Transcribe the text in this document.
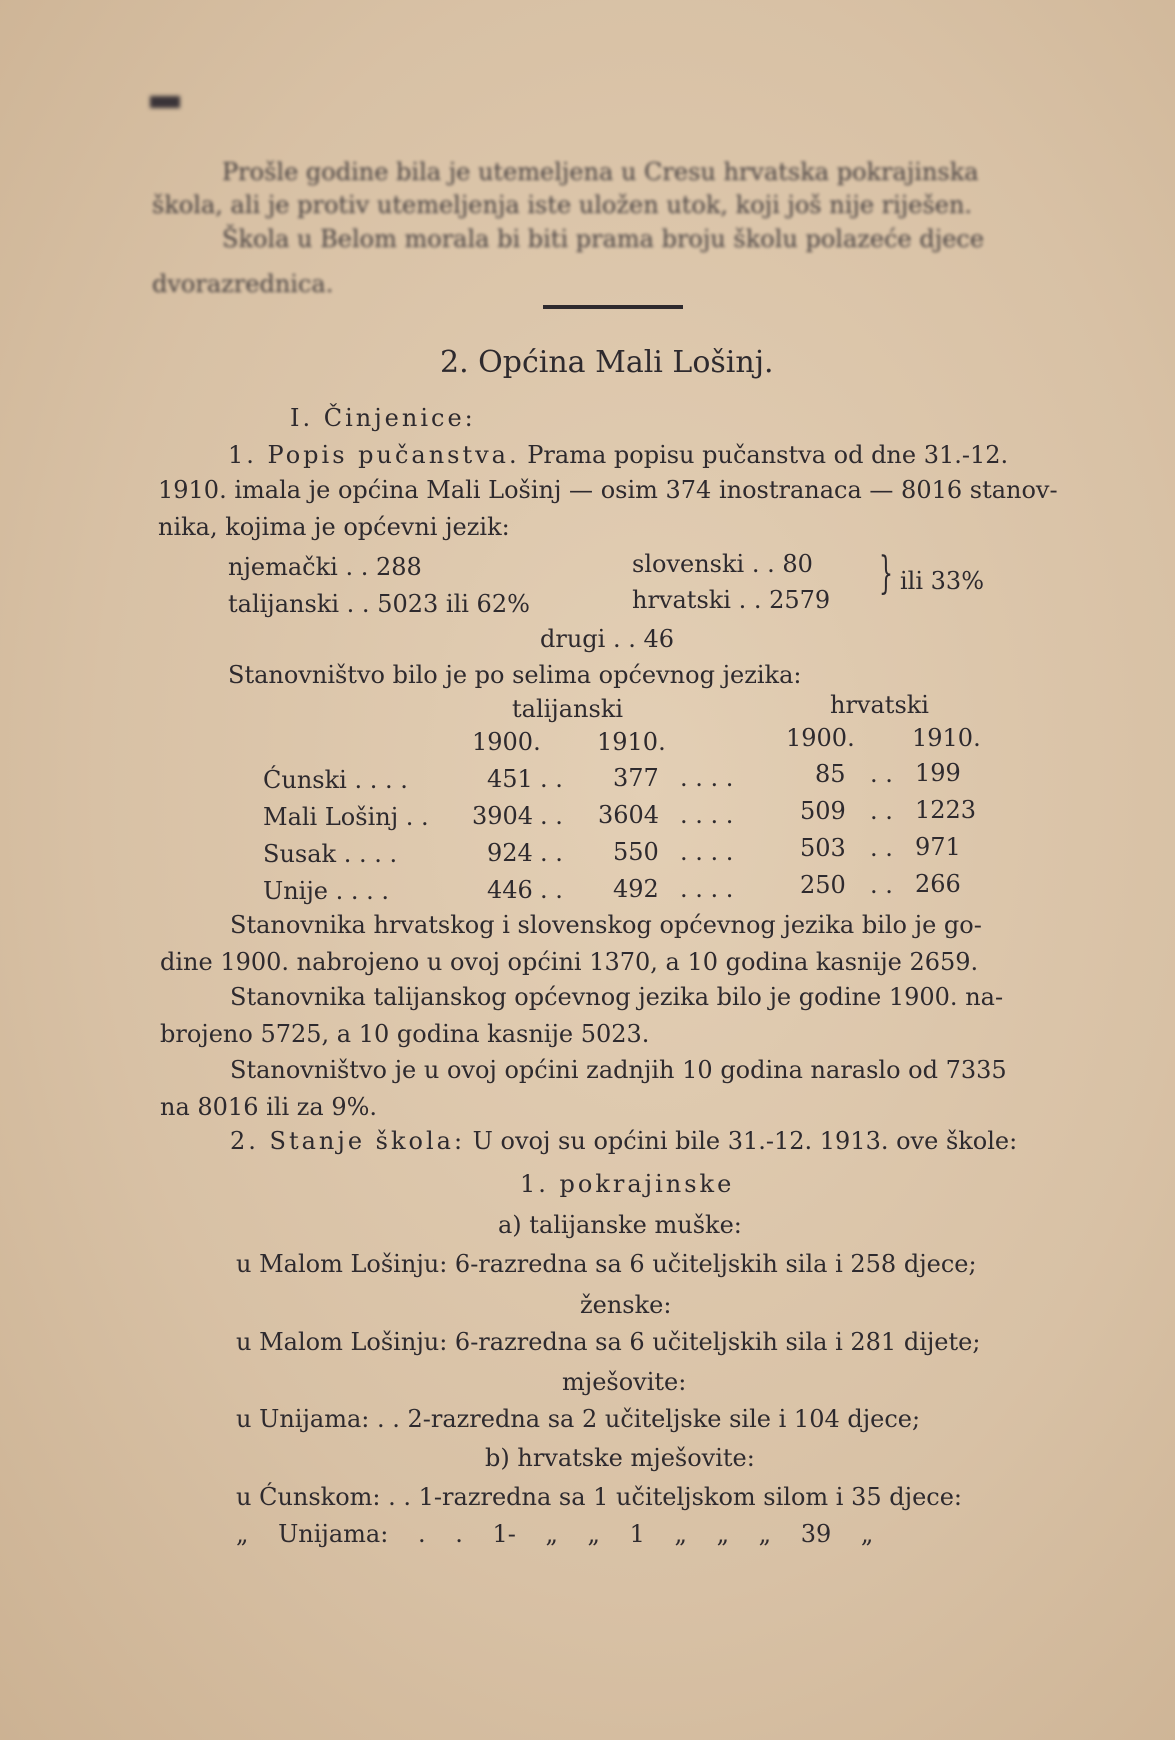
Prošle godine bila je utemeljena u Cresu hrvatska pokrajinska
škola, ali je protiv utemeljenja iste uložen utok, koji još nije riješen.
Škola u Belom morala bi biti prama broju školu polazeće djece
dvorazrednica.
2. Općina Mali Lošinj.
I. Činjenice:
1. Popis pučanstva. Prama popisu pučanstva od dne 31.-12.
1910. imala je općina Mali Lošinj — osim 374 inostranaca — 8016 stanov-
nika, kojima je općevni jezik:
njemački . . 288
talijanski . . 5023 ili 62%
slovenski . . 80
hrvatski . . 2579
} ili 33%
drugi . . 46
Stanovništvo bilo je po selima općevnog jezika:
talijanski	hrvatski
1900. 1910.	1900. 1910.
Ćunski . . . .	451 . . 377 . . . .	85 . . 199
Mali Lošinj . . 3904 . . 3604 . . . .	509 . . 1223
Susak . . . .	924 . . 550 . . . .	503 . . 971
Unije . . . .	446 . . 492 . . . .	250 . . 266
Stanovnika hrvatskog i slovenskog općevnog jezika bilo je go-
dine 1900. nabrojeno u ovoj općini 1370, a 10 godina kasnije 2659.
Stanovnika talijanskog općevnog jezika bilo je godine 1900. na-
brojeno 5725, a 10 godina kasnije 5023.
Stanovništvo je u ovoj općini zadnjih 10 godina naraslo od 7335
na 8016 ili za 9%.
2. Stanje škola: U ovoj su općini bile 31.-12. 1913. ove škole:
1. pokrajinske
a) talijanske muške:
u Malom Lošinju: 6-razredna sa 6 učiteljskih sila i 258 djece;
ženske:
u Malom Lošinju: 6-razredna sa 6 učiteljskih sila i 281 dijete;
mješovite:
u Unijama: . . 2-razredna sa 2 učiteljske sile i 104 djece;
b) hrvatske mješovite:
u Ćunskom: . . 1-razredna sa 1 učiteljskom silom i 35 djece:
„ Unijama: . . 1- „ „ 1 „ „ „ 39 „
